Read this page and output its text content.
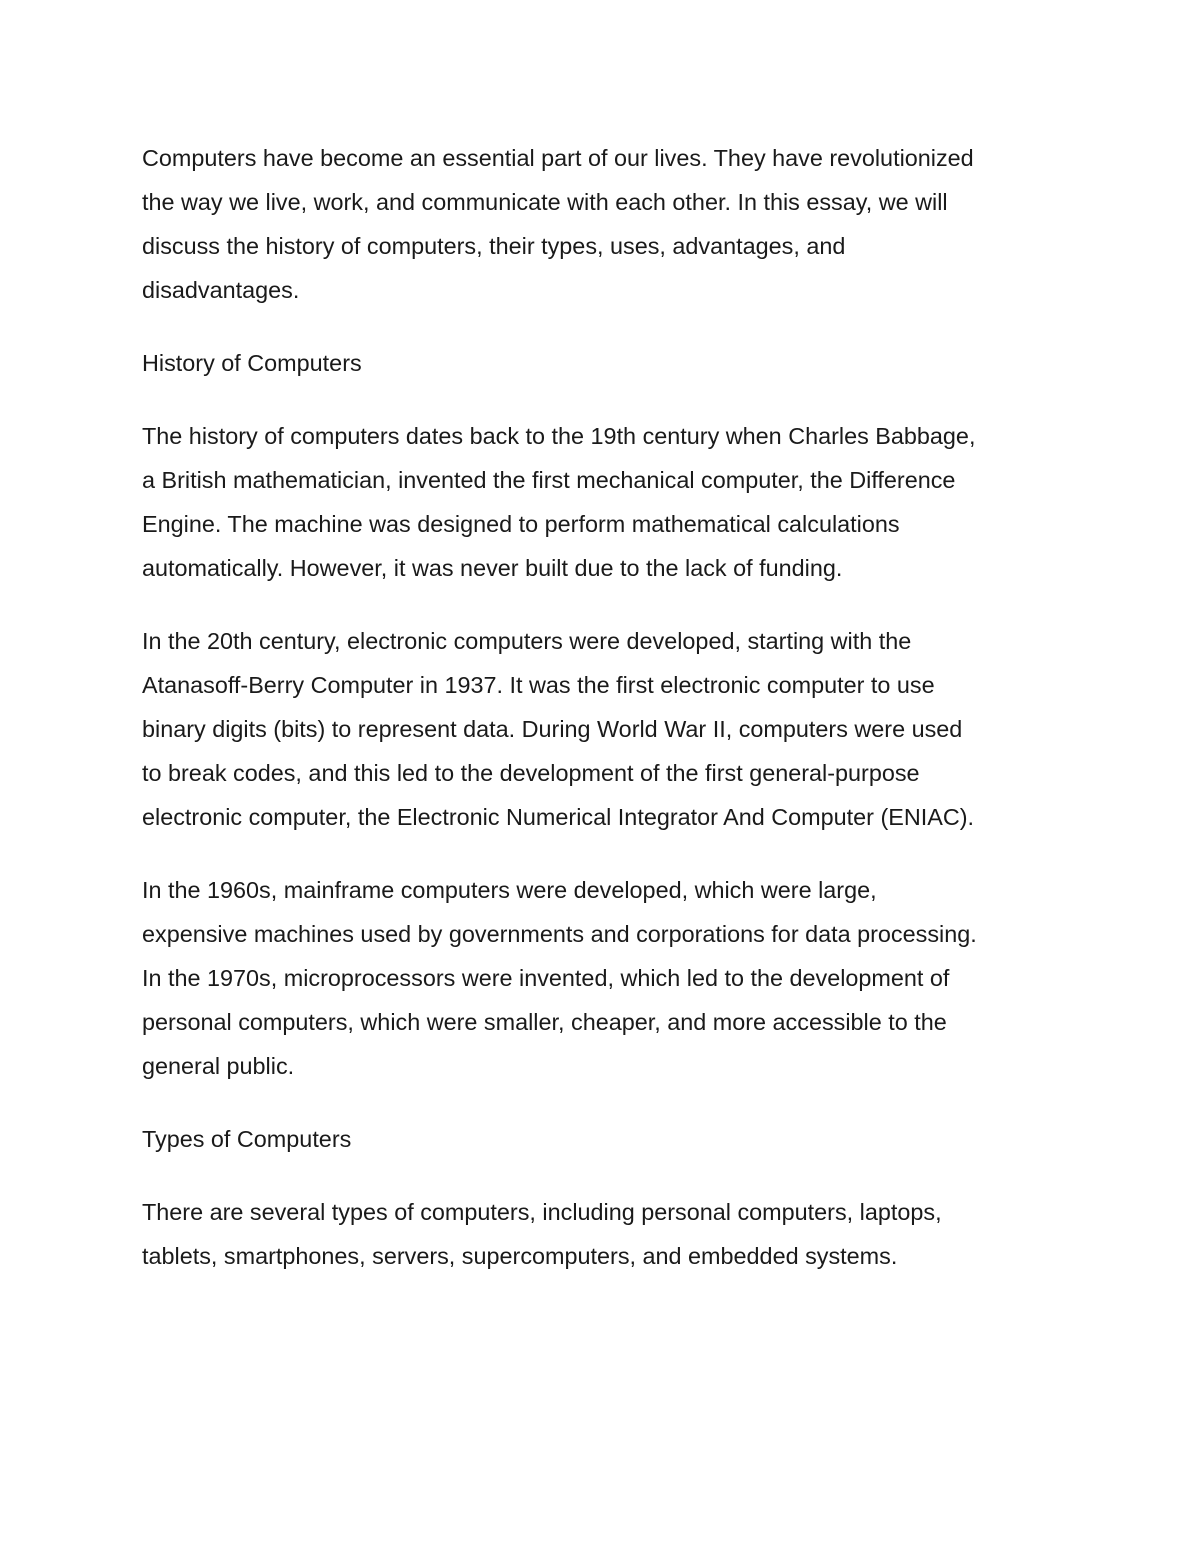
Computers have become an essential part of our lives. They have revolutionized
the way we live, work, and communicate with each other. In this essay, we will
discuss the history of computers, their types, uses, advantages, and
disadvantages.
History of Computers
The history of computers dates back to the 19th century when Charles Babbage,
a British mathematician, invented the first mechanical computer, the Difference
Engine. The machine was designed to perform mathematical calculations
automatically. However, it was never built due to the lack of funding.
In the 20th century, electronic computers were developed, starting with the
Atanasoff-Berry Computer in 1937. It was the first electronic computer to use
binary digits (bits) to represent data. During World War II, computers were used
to break codes, and this led to the development of the first general-purpose
electronic computer, the Electronic Numerical Integrator And Computer (ENIAC).
In the 1960s, mainframe computers were developed, which were large,
expensive machines used by governments and corporations for data processing.
In the 1970s, microprocessors were invented, which led to the development of
personal computers, which were smaller, cheaper, and more accessible to the
general public.
Types of Computers
There are several types of computers, including personal computers, laptops,
tablets, smartphones, servers, supercomputers, and embedded systems.
